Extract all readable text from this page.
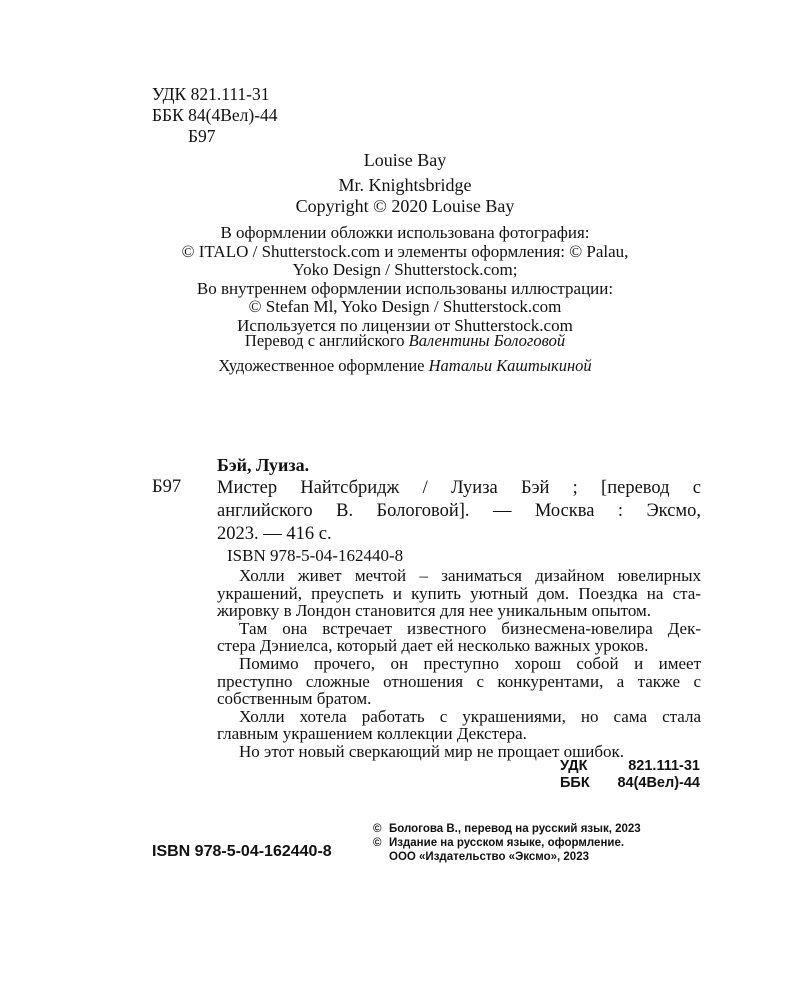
УДК 821.111-31
ББК 84(4Вел)-44
Б97
Louise Bay
Mr. Knightsbridge
Copyright © 2020 Louise Bay
В оформлении обложки использована фотография:
© ITALO / Shutterstock.com и элементы оформления: © Palau,
Yoko Design / Shutterstock.com;
Во внутреннем оформлении использованы иллюстрации:
© Stefan Ml, Yoko Design / Shutterstock.com
Используется по лицензии от Shutterstock.com
Перевод с английского Валентины Бологовой
Художественное оформление Натальи Каштыкиной
Бэй, Луиза.
Б97 Мистер Найтсбридж / Луиза Бэй ; [перевод с
английского В. Бологовой]. — Москва : Эксмо,
2023. — 416 с.
ISBN 978-5-04-162440-8
Холли живет мечтой – заниматься дизайном ювелирных
украшений, преуспеть и купить уютный дом. Поездка на ста-
жировку в Лондон становится для нее уникальным опытом.
Там она встречает известного бизнесмена-ювелира Дек-
стера Дэниелса, который дает ей несколько важных уроков.
Помимо прочего, он преступно хорош собой и имеет
преступно сложные отношения с конкурентами, а также с
собственным братом.
Холли хотела работать с украшениями, но сама стала
главным украшением коллекции Декстера.
Но этот новый сверкающий мир не прощает ошибок.
УДК	821.111-31
ББК 84(4Вел)-44
© Бологова В., перевод на русский язык, 2023
© Издание на русском языке, оформление.
ООО «Издательство «Эксмо», 2023
ISBN 978-5-04-162440-8
